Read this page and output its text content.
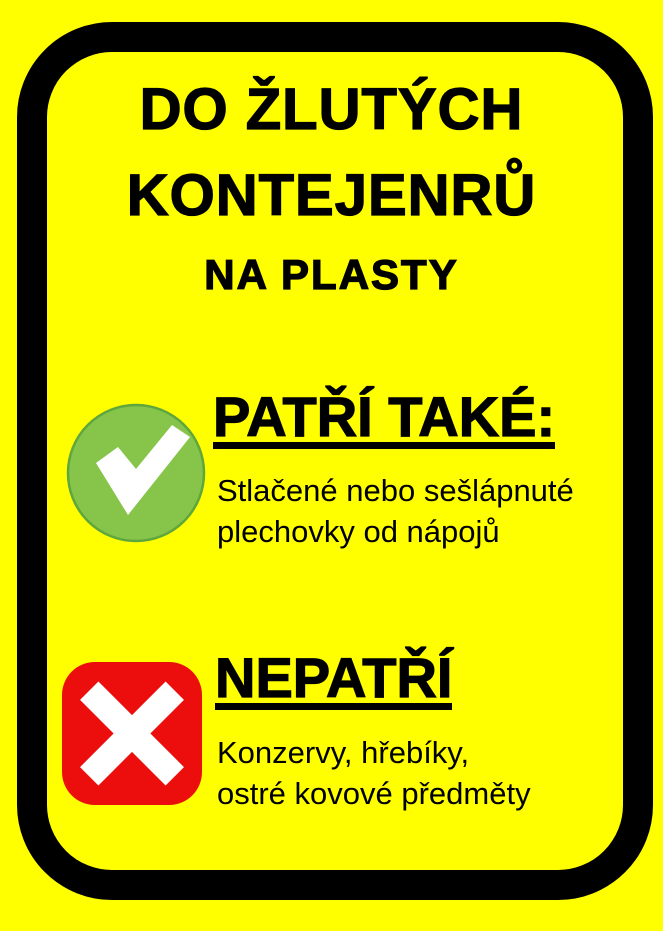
DO ŽLUTÝCH
KONTEJENRŮ
NA PLASTY
PATŘÍ TAKÉ:
Stlačené nebo sešlápnuté
plechovky od nápojů
NEPATŘÍ
Konzervy, hřebíky,
ostré kovové předměty
